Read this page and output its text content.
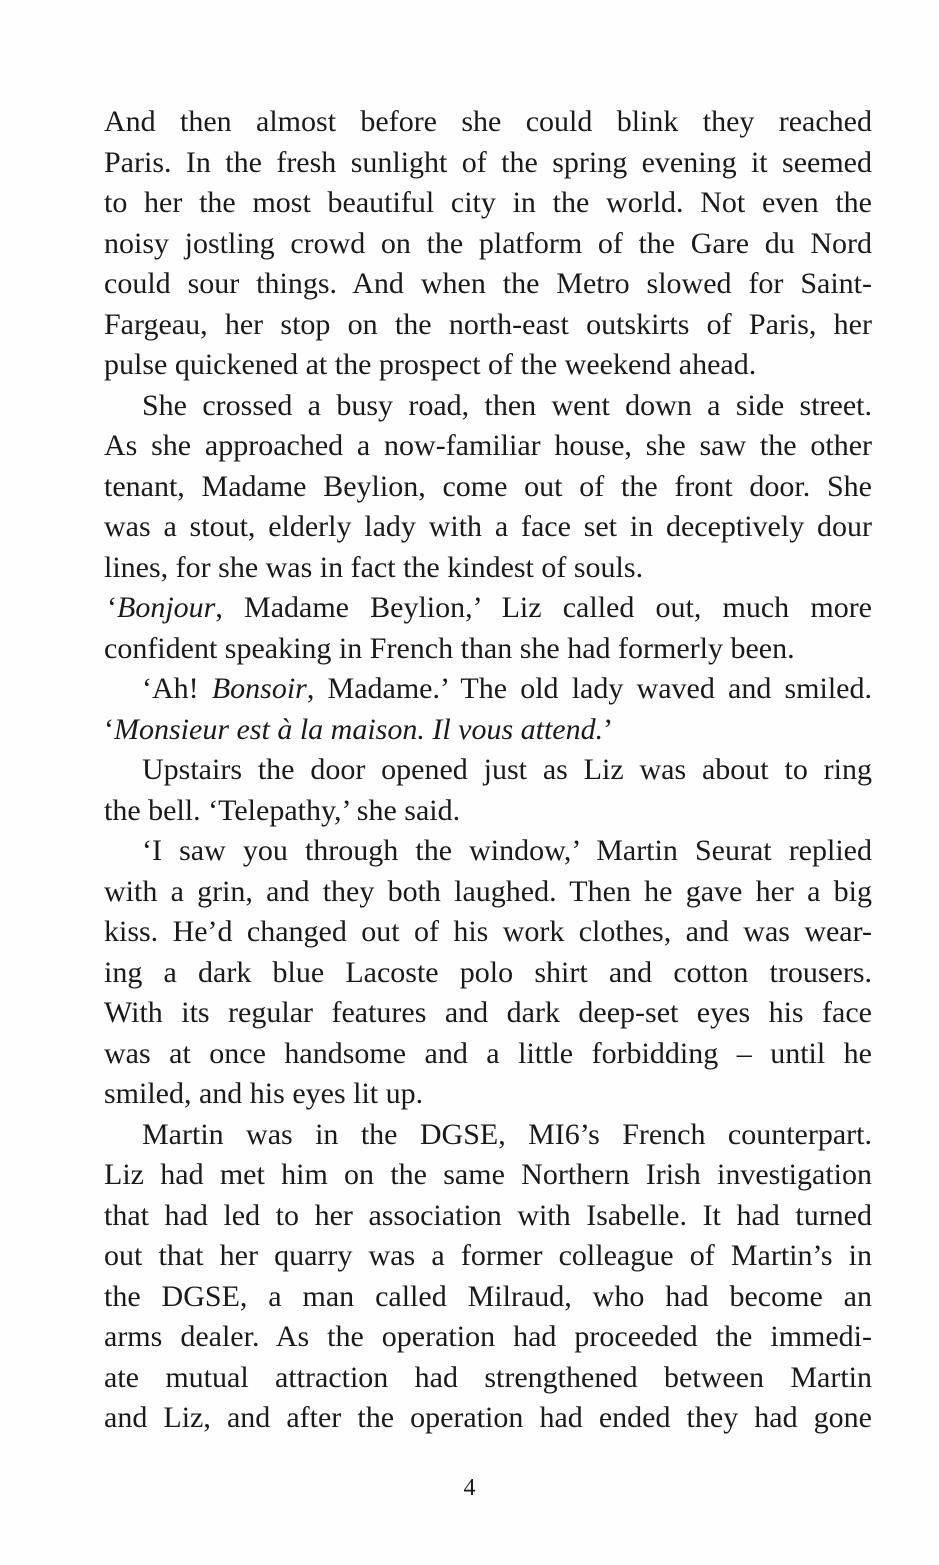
And then almost before she could blink they reached
Paris. In the fresh sunlight of the spring evening it seemed
to her the most beautiful city in the world. Not even the
noisy jostling crowd on the platform of the Gare du Nord
could sour things. And when the Metro slowed for Saint-
Fargeau, her stop on the north-east outskirts of Paris, her
pulse quickened at the prospect of the weekend ahead.
She crossed a busy road, then went down a side street.
As she approached a now-familiar house, she saw the other
tenant, Madame Beylion, come out of the front door. She
was a stout, elderly lady with a face set in deceptively dour
lines, for she was in fact the kindest of souls.
‘Bonjour, Madame Beylion,’ Liz called out, much more
confident speaking in French than she had formerly been.
‘Ah! Bonsoir, Madame.’ The old lady waved and smiled.
‘Monsieur est à la maison. Il vous attend.’
Upstairs the door opened just as Liz was about to ring
the bell. ‘Telepathy,’ she said.
‘I saw you through the window,’ Martin Seurat replied
with a grin, and they both laughed. Then he gave her a big
kiss. He’d changed out of his work clothes, and was wear-
ing a dark blue Lacoste polo shirt and cotton trousers.
With its regular features and dark deep-set eyes his face
was at once handsome and a little forbidding – until he
smiled, and his eyes lit up.
Martin was in the DGSE, MI6’s French counterpart.
Liz had met him on the same Northern Irish investigation
that had led to her association with Isabelle. It had turned
out that her quarry was a former colleague of Martin’s in
the DGSE, a man called Milraud, who had become an
arms dealer. As the operation had proceeded the immedi-
ate mutual attraction had strengthened between Martin
and Liz, and after the operation had ended they had gone
4
